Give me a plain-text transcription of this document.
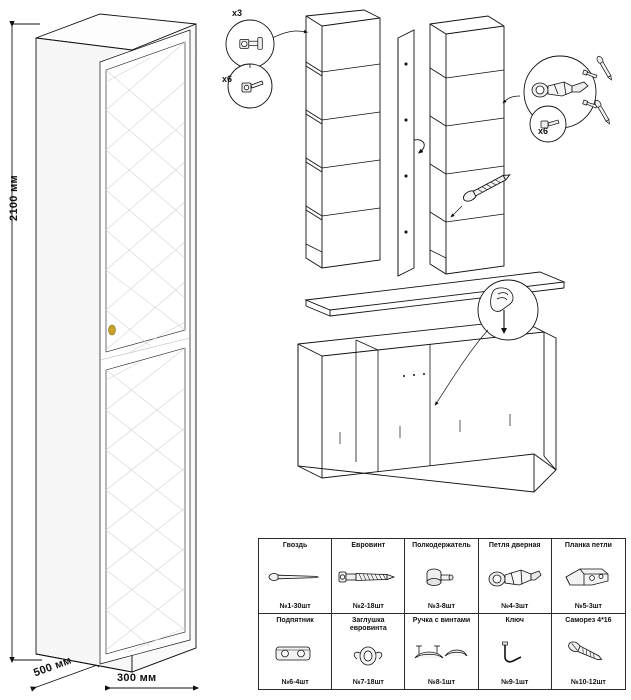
x3
x6
x6
2100 мм
500 мм	300 мм
Гвоздь
№1-30шт
Евровинт
№2-18шт
Полкодержатель
№3-8шт
Петля дверная
№4-3шт
Планка петли
№5-3шт
Подпятник
№6-4шт
Заглушка евровинта
№7-18шт
Ручка с винтами
№8-1шт
Ключ
№9-1шт
Саморез 4*16
№10-12шт
